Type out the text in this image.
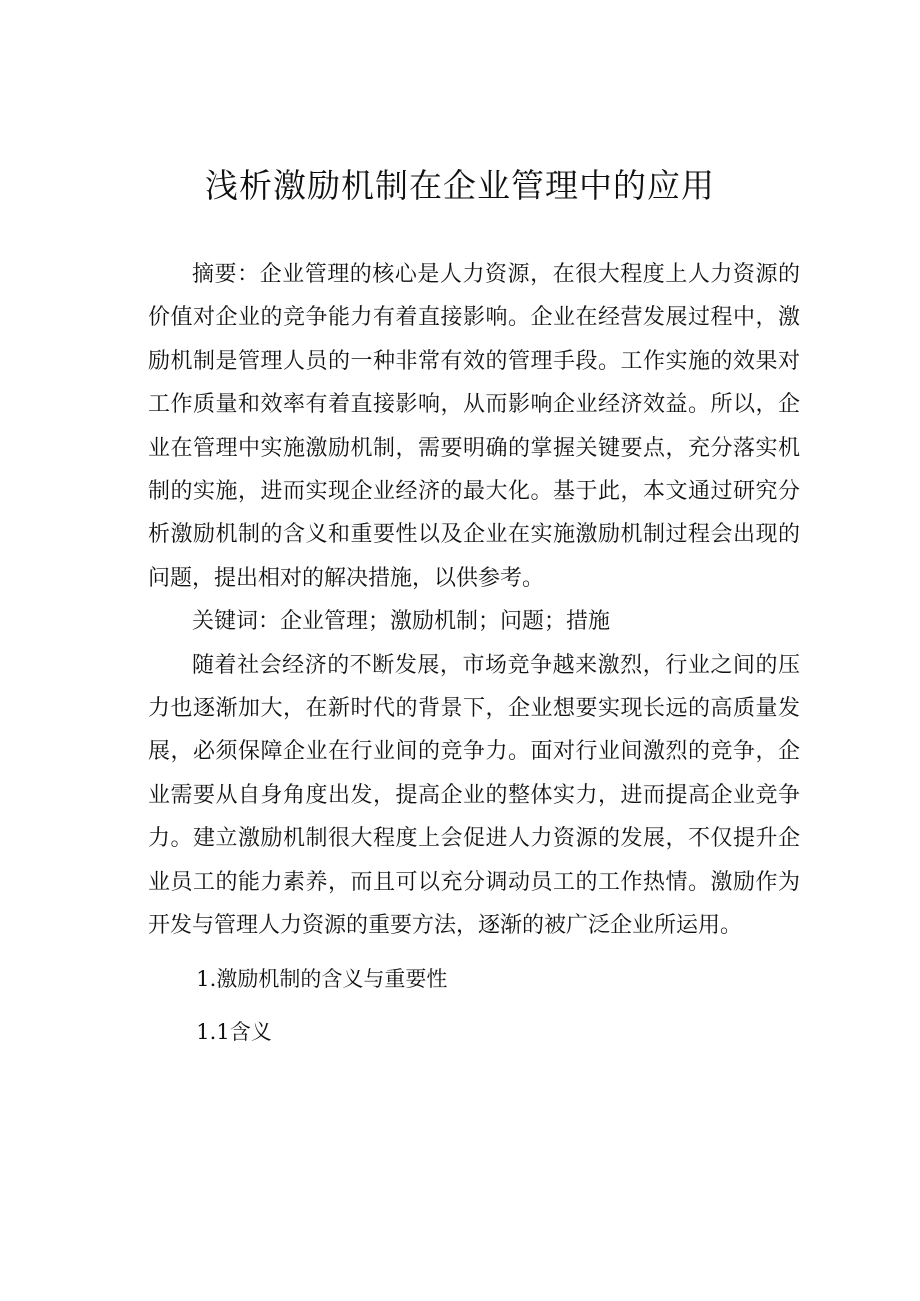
浅析激励机制在企业管理中的应用

摘要：企业管理的核心是人力资源，在很大程度上人力资源的价值对企业的竞争能力有着直接影响。企业在经营发展过程中，激励机制是管理人员的一种非常有效的管理手段。工作实施的效果对工作质量和效率有着直接影响，从而影响企业经济效益。所以，企业在管理中实施激励机制，需要明确的掌握关键要点，充分落实机制的实施，进而实现企业经济的最大化。基于此，本文通过研究分析激励机制的含义和重要性以及企业在实施激励机制过程会出现的问题，提出相对的解决措施，以供参考。

关键词：企业管理；激励机制；问题；措施

随着社会经济的不断发展，市场竞争越来激烈，行业之间的压力也逐渐加大，在新时代的背景下，企业想要实现长远的高质量发展，必须保障企业在行业间的竞争力。面对行业间激烈的竞争，企业需要从自身角度出发，提高企业的整体实力，进而提高企业竞争力。建立激励机制很大程度上会促进人力资源的发展，不仅提升企业员工的能力素养，而且可以充分调动员工的工作热情。激励作为开发与管理人力资源的重要方法，逐渐的被广泛企业所运用。

1.激励机制的含义与重要性

1.1含义
